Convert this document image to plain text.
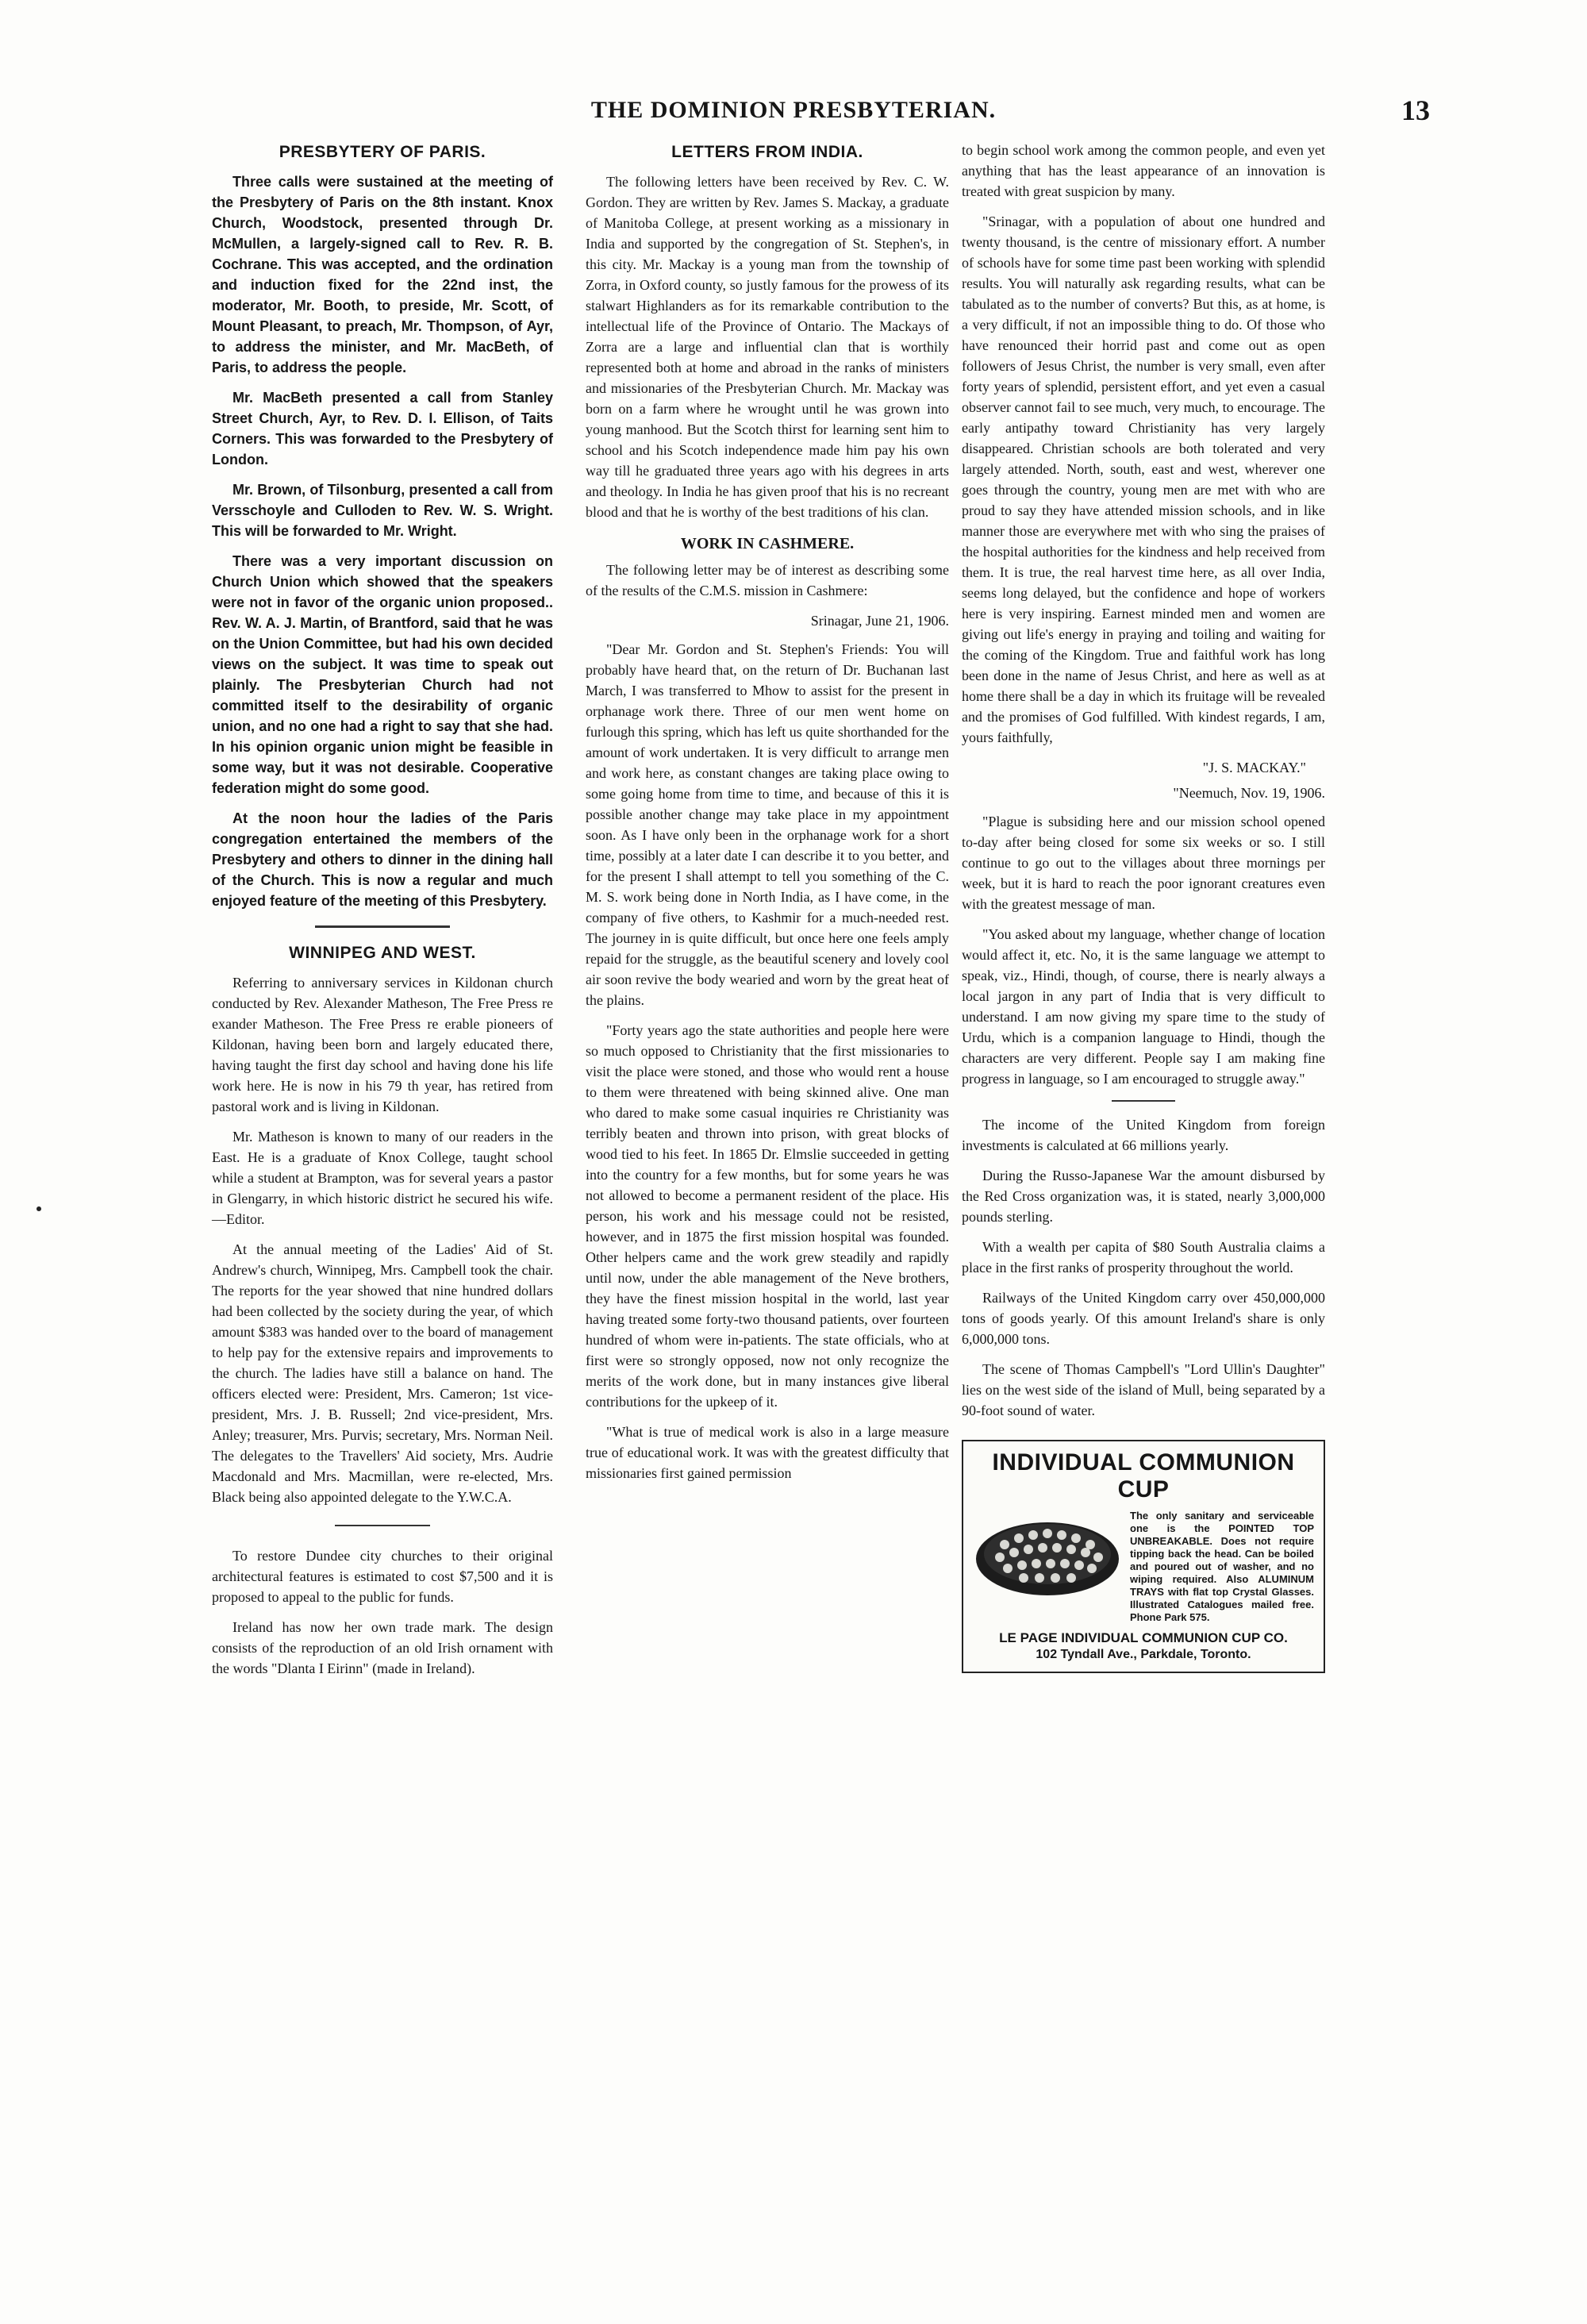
THE DOMINION PRESBYTERIAN.	13
PRESBYTERY OF PARIS.

Three calls were sustained at the meeting of the Presbytery of Paris on the 8th instant. Knox Church, Woodstock, presented through Dr. McMullen, a largely-signed call to Rev. R. B. Cochrane. This was accepted, and the ordination and induction fixed for the 22nd inst, the moderator, Mr. Booth, to preside, Mr. Scott, of Mount Pleasant, to preach, Mr. Thompson, of Ayr, to address the minister, and Mr. MacBeth, of Paris, to address the people.

Mr. MacBeth presented a call from Stanley Street Church, Ayr, to Rev. D. I. Ellison, of Taits Corners. This was forwarded to the Presbytery of London.

Mr. Brown, of Tilsonburg, presented a call from Versschoyle and Culloden to Rev. W. S. Wright. This will be forwarded to Mr. Wright.

There was a very important discussion on Church Union which showed that the speakers were not in favor of the organic union proposed.. Rev. W. A. J. Martin, of Brantford, said that he was on the Union Committee, but had his own decided views on the subject. It was time to speak out plainly. The Presbyterian Church had not committed itself to the desirability of organic union, and no one had a right to say that she had. In his opinion organic union might be feasible in some way, but it was not desirable. Cooperative federation might do some good.

At the noon hour the ladies of the Paris congregation entertained the members of the Presbytery and others to dinner in the dining hall of the Church. This is now a regular and much enjoyed feature of the meeting of this Presbytery.

WINNIPEG AND WEST.

Referring to anniversary services in Kildonan church conducted by Rev. Alexander Matheson, The Free Press re exander Matheson. The Free Press re erable pioneers of Kildonan, having been born and largely educated there, having taught the first day school and having done his life work here. He is now in his 79 th year, has retired from pastoral work and is living in Kildonan.

Mr. Matheson is known to many of our readers in the East. He is a graduate of Knox College, taught school while a student at Brampton, was for several years a pastor in Glengarry, in which historic district he secured his wife.—Editor.

At the annual meeting of the Ladies' Aid of St. Andrew's church, Winnipeg, Mrs. Campbell took the chair. The reports for the year showed that nine hundred dollars had been collected by the society during the year, of which amount $383 was handed over to the board of management to help pay for the extensive repairs and improvements to the church. The ladies have still a balance on hand. The officers elected were: President, Mrs. Cameron; 1st vice-president, Mrs. J. B. Russell; 2nd vice-president, Mrs. Anley; treasurer, Mrs. Purvis; secretary, Mrs. Norman Neil. The delegates to the Travellers' Aid society, Mrs. Audrie Macdonald and Mrs. Macmillan, were re-elected, Mrs. Black being also appointed delegate to the Y.W.C.A.

To restore Dundee city churches to their original architectural features is estimated to cost $7,500 and it is proposed to appeal to the public for funds.

Ireland has now her own trade mark. The design consists of the reproduction of an old Irish ornament with the words "Dlanta I Eirinn" (made in Ireland).

LETTERS FROM INDIA.

The following letters have been received by Rev. C. W. Gordon. They are written by Rev. James S. Mackay, a graduate of Manitoba College, at present working as a missionary in India and supported by the congregation of St. Stephen's, in this city. Mr. Mackay is a young man from the township of Zorra, in Oxford county, so justly famous for the prowess of its stalwart Highlanders as for its remarkable contribution to the intellectual life of the Province of Ontario. The Mackays of Zorra are a large and influential clan that is worthily represented both at home and abroad in the ranks of ministers and missionaries of the Presbyterian Church. Mr. Mackay was born on a farm where he wrought until he was grown into young manhood. But the Scotch thirst for learning sent him to school and his Scotch independence made him pay his own way till he graduated three years ago with his degrees in arts and theology. In India he has given proof that his is no recreant blood and that he is worthy of the best traditions of his clan.

WORK IN CASHMERE.

The following letter may be of interest as describing some of the results of the C.M.S. mission in Cashmere:

Srinagar, June 21, 1906.

"Dear Mr. Gordon and St. Stephen's Friends: You will probably have heard that, on the return of Dr. Buchanan last March, I was transferred to Mhow to assist for the present in orphanage work there. Three of our men went home on furlough this spring, which has left us quite shorthanded for the amount of work undertaken. It is very difficult to arrange men and work here, as constant changes are taking place owing to some going home from time to time, and because of this it is possible another change may take place in my appointment soon. As I have only been in the orphanage work for a short time, possibly at a later date I can describe it to you better, and for the present I shall attempt to tell you something of the C. M. S. work being done in North India, as I have come, in the company of five others, to Kashmir for a much-needed rest. The journey in is quite difficult, but once here one feels amply repaid for the struggle, as the beautiful scenery and lovely cool air soon revive the body wearied and worn by the great heat of the plains.

"Forty years ago the state authorities and people here were so much opposed to Christianity that the first missionaries to visit the place were stoned, and those who would rent a house to them were threatened with being skinned alive. One man who dared to make some casual inquiries re Christianity was terribly beaten and thrown into prison, with great blocks of wood tied to his feet. In 1865 Dr. Elmslie succeeded in getting into the country for a few months, but for some years he was not allowed to become a permanent resident of the place. His person, his work and his message could not be resisted, however, and in 1875 the first mission hospital was founded. Other helpers came and the work grew steadily and rapidly until now, under the able management of the Neve brothers, they have the finest mission hospital in the world, last year having treated some forty-two thousand patients, over fourteen hundred of whom were in-patients. The state officials, who at first were so strongly opposed, now not only recognize the merits of the work done, but in many instances give liberal contributions for the upkeep of it.

"What is true of medical work is also in a large measure true of educational work. It was with the greatest difficulty that missionaries first gained permission

to begin school work among the common people, and even yet anything that has the least appearance of an innovation is treated with great suspicion by many.

"Srinagar, with a population of about one hundred and twenty thousand, is the centre of missionary effort. A number of schools have for some time past been working with splendid results. You will naturally ask regarding results, what can be tabulated as to the number of converts? But this, as at home, is a very difficult, if not an impossible thing to do. Of those who have renounced their horrid past and come out as open followers of Jesus Christ, the number is very small, even after forty years of splendid, persistent effort, and yet even a casual observer cannot fail to see much, very much, to encourage. The early antipathy toward Christianity has very largely disappeared. Christian schools are both tolerated and very largely attended. North, south, east and west, wherever one goes through the country, young men are met with who are proud to say they have attended mission schools, and in like manner those are everywhere met with who sing the praises of the hospital authorities for the kindness and help received from them. It is true, the real harvest time here, as all over India, seems long delayed, but the confidence and hope of workers here is very inspiring. Earnest minded men and women are giving out life's energy in praying and toiling and waiting for the coming of the Kingdom. True and faithful work has long been done in the name of Jesus Christ, and here as well as at home there shall be a day in which its fruitage will be revealed and the promises of God fulfilled. With kindest regards, I am, yours faithfully,

"J. S. MACKAY."
"Neemuch, Nov. 19, 1906.

"Plague is subsiding here and our mission school opened to-day after being closed for some six weeks or so. I still continue to go out to the villages about three mornings per week, but it is hard to reach the poor ignorant creatures even with the greatest message of man.

"You asked about my language, whether change of location would affect it, etc. No, it is the same language we attempt to speak, viz., Hindi, though, of course, there is nearly always a local jargon in any part of India that is very difficult to understand. I am now giving my spare time to the study of Urdu, which is a companion language to Hindi, though the characters are very different. People say I am making fine progress in language, so I am encouraged to struggle away."

The income of the United Kingdom from foreign investments is calculated at 66 millions yearly.

During the Russo-Japanese War the amount disbursed by the Red Cross organization was, it is stated, nearly 3,000,000 pounds sterling.

With a wealth per capita of $80 South Australia claims a place in the first ranks of prosperity throughout the world.

Railways of the United Kingdom carry over 450,000,000 tons of goods yearly. Of this amount Ireland's share is only 6,000,000 tons.

The scene of Thomas Campbell's "Lord Ullin's Daughter" lies on the west side of the island of Mull, being separated by a 90-foot sound of water.

INDIVIDUAL COMMUNION CUP
The only sanitary and serviceable one is the POINTED TOP UNBREAKABLE. Does not require tipping back the head. Can be boiled and poured out of washer, and no wiping required. Also ALUMINUM TRAYS with flat top Crystal Glasses. Illustrated Catalogues mailed free. Phone Park 575.
LE PAGE INDIVIDUAL COMMUNION CUP CO.
102 Tyndall Ave., Parkdale, Toronto.
